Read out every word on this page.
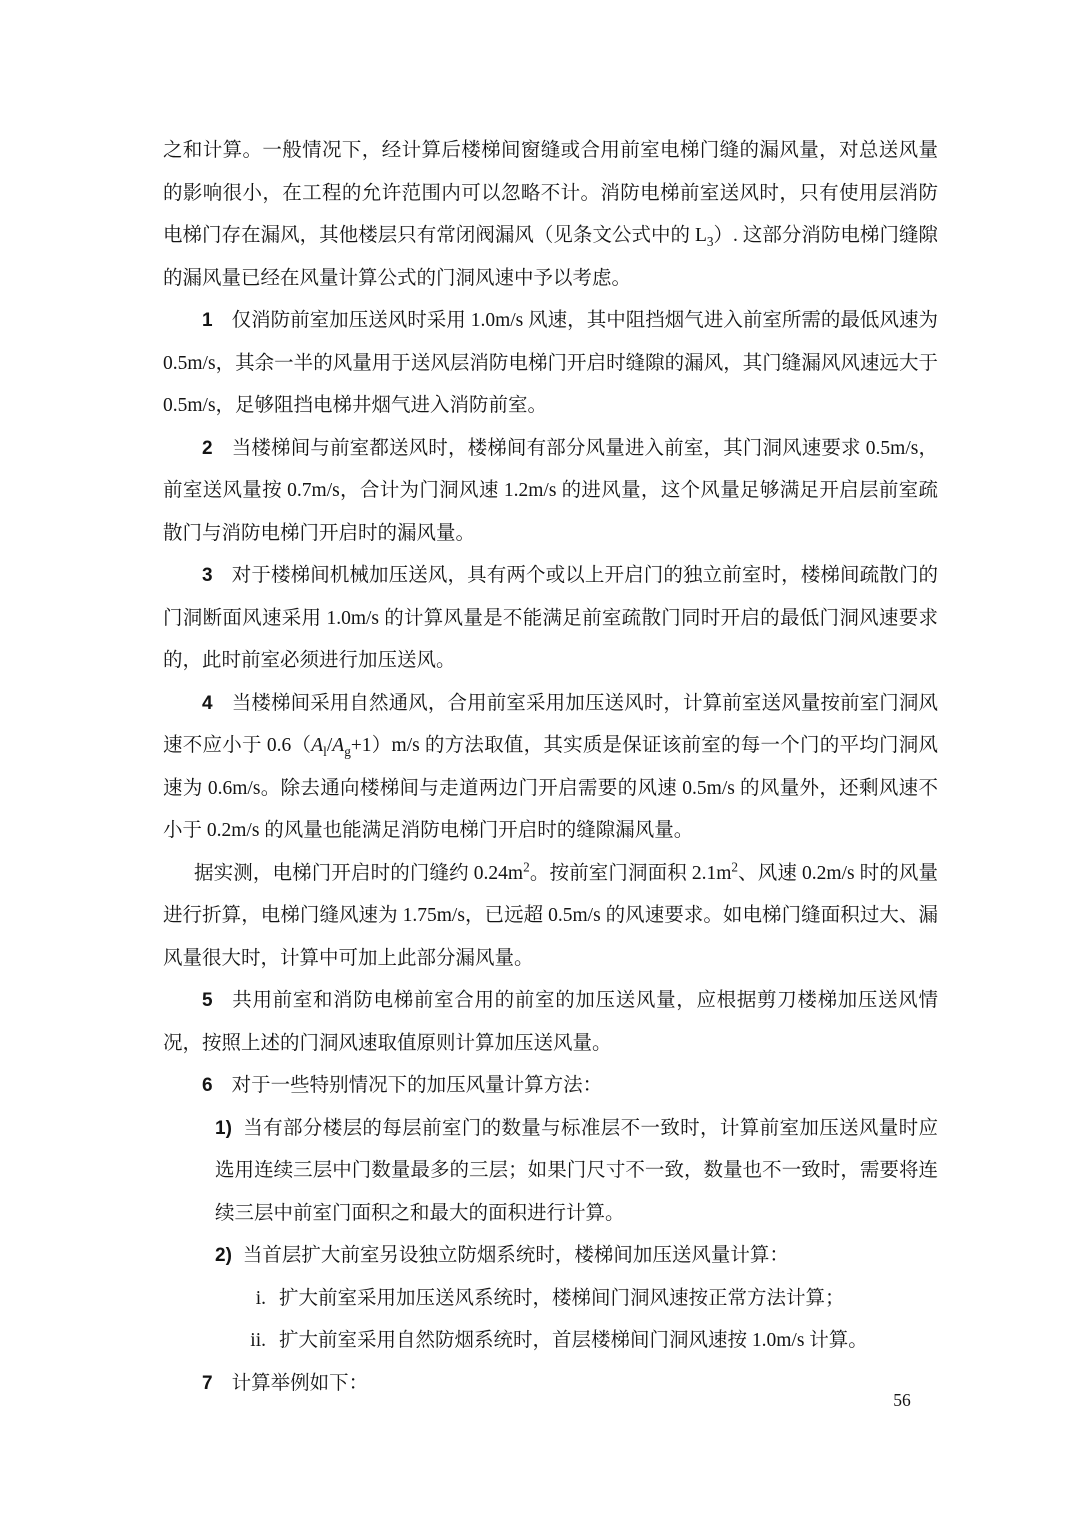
之和计算。一般情况下，经计算后楼梯间窗缝或合用前室电梯门缝的漏风量，对总送风量的影响很小，在工程的允许范围内可以忽略不计。消防电梯前室送风时，只有使用层消防电梯门存在漏风，其他楼层只有常闭阀漏风（见条文公式中的 $L_3$）. 这部分消防电梯门缝隙的漏风量已经在风量计算公式的门洞风速中予以考虑。
1 仅消防前室加压送风时采用 1.0m/s 风速，其中阻挡烟气进入前室所需的最低风速为 0.5m/s，其余一半的风量用于送风层消防电梯门开启时缝隙的漏风，其门缝漏风风速远大于 0.5m/s，足够阻挡电梯井烟气进入消防前室。
2 当楼梯间与前室都送风时，楼梯间有部分风量进入前室，其门洞风速要求 0.5m/s，前室送风量按 0.7m/s，合计为门洞风速 1.2m/s 的进风量，这个风量足够满足开启层前室疏散门与消防电梯门开启时的漏风量。
3 对于楼梯间机械加压送风，具有两个或以上开启门的独立前室时，楼梯间疏散门的门洞断面风速采用 1.0m/s 的计算风量是不能满足前室疏散门同时开启的最低门洞风速要求的，此时前室必须进行加压送风。
4 当楼梯间采用自然通风，合用前室采用加压送风时，计算前室送风量按前室门洞风速不应小于 $0.6(A_l/A_g+1)m/s$ 的方法取值，其实质是保证该前室的每一个门的平均门洞风速为 0.6m/s。除去通向楼梯间与走道两边门开启需要的风速 0.5m/s 的风量外，还剩风速不小于 0.2m/s 的风量也能满足消防电梯门开启时的缝隙漏风量。
据实测，电梯门开启时的门缝约 $0.24m^2$。按前室门洞面积 $2.1m^2$、风速 0.2m/s 时的风量进行折算，电梯门缝风速为 1.75m/s，已远超 0.5m/s 的风速要求。如电梯门缝面积过大、漏风量很大时，计算中可加上此部分漏风量。
5 共用前室和消防电梯前室合用的前室的加压送风量，应根据剪刀楼梯加压送风情况，按照上述的门洞风速取值原则计算加压送风量。
6 对于一些特别情况下的加压风量计算方法：
1) 当有部分楼层的每层前室门的数量与标准层不一致时，计算前室加压送风量时应选用连续三层中门数量最多的三层；如果门尺寸不一致，数量也不一致时，需要将连续三层中前室门面积之和最大的面积进行计算。
2) 当首层扩大前室另设独立防烟系统时，楼梯间加压送风量计算：
i. 扩大前室采用加压送风系统时，楼梯间门洞风速按正常方法计算；
ii. 扩大前室采用自然防烟系统时，首层楼梯间门洞风速按 1.0m/s 计算。
7 计算举例如下：
56
